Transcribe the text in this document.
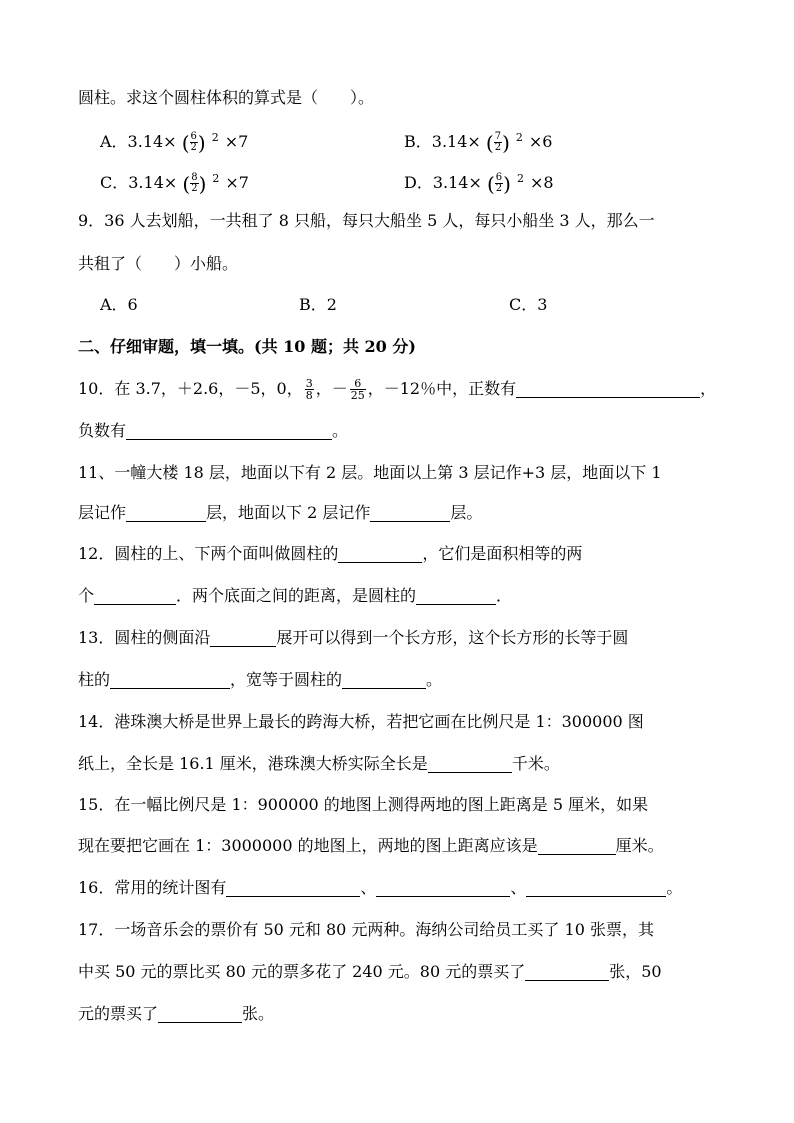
圆柱。求这个圆柱体积的算式是（　　）。
A．3.14× ( $\frac{6}{2}$ ) $^2$ ×7	B．3.14× ( $\frac{7}{2}$ ) $^2$ ×6
C．3.14× ( $\frac{8}{2}$ ) $^2$ ×7	D．3.14× ( $\frac{6}{2}$ ) $^2$ ×8
9．36 人去划船，一共租了 8 只船，每只大船坐 5 人，每只小船坐 3 人，那么一
共租了（　　）小船。
A．6	B．2	C．3
二、仔细审题，填一填。(共 10 题；共 20 分)
10．在 3.7，＋2.6，－5，0， $\frac{3}{8}$ ，－ $\frac{6}{25}$ ，－12％中，正数有	，
负数有	。
11、一幢大楼 18 层，地面以下有 2 层。地面以上第 3 层记作+3 层，地面以下 1
层记作	层，地面以下 2 层记作	层。
12．圆柱的上、下两个面叫做圆柱的	，它们是面积相等的两
个	．两个底面之间的距离，是圆柱的	．
13．圆柱的侧面沿	展开可以得到一个长方形，这个长方形的长等于圆
柱的	，宽等于圆柱的	。
14．港珠澳大桥是世界上最长的跨海大桥，若把它画在比例尺是 1：300000 图
纸上，全长是 16.1 厘米，港珠澳大桥实际全长是	千米。
15．在一幅比例尺是 1：900000 的地图上测得两地的图上距离是 5 厘米，如果
现在要把它画在 1：3000000 的地图上，两地的图上距离应该是	厘米。
16．常用的统计图有	、	、	。
17．一场音乐会的票价有 50 元和 80 元两种。海纳公司给员工买了 10 张票，其
中买 50 元的票比买 80 元的票多花了 240 元。80 元的票买了	张，50
元的票买了	张。
